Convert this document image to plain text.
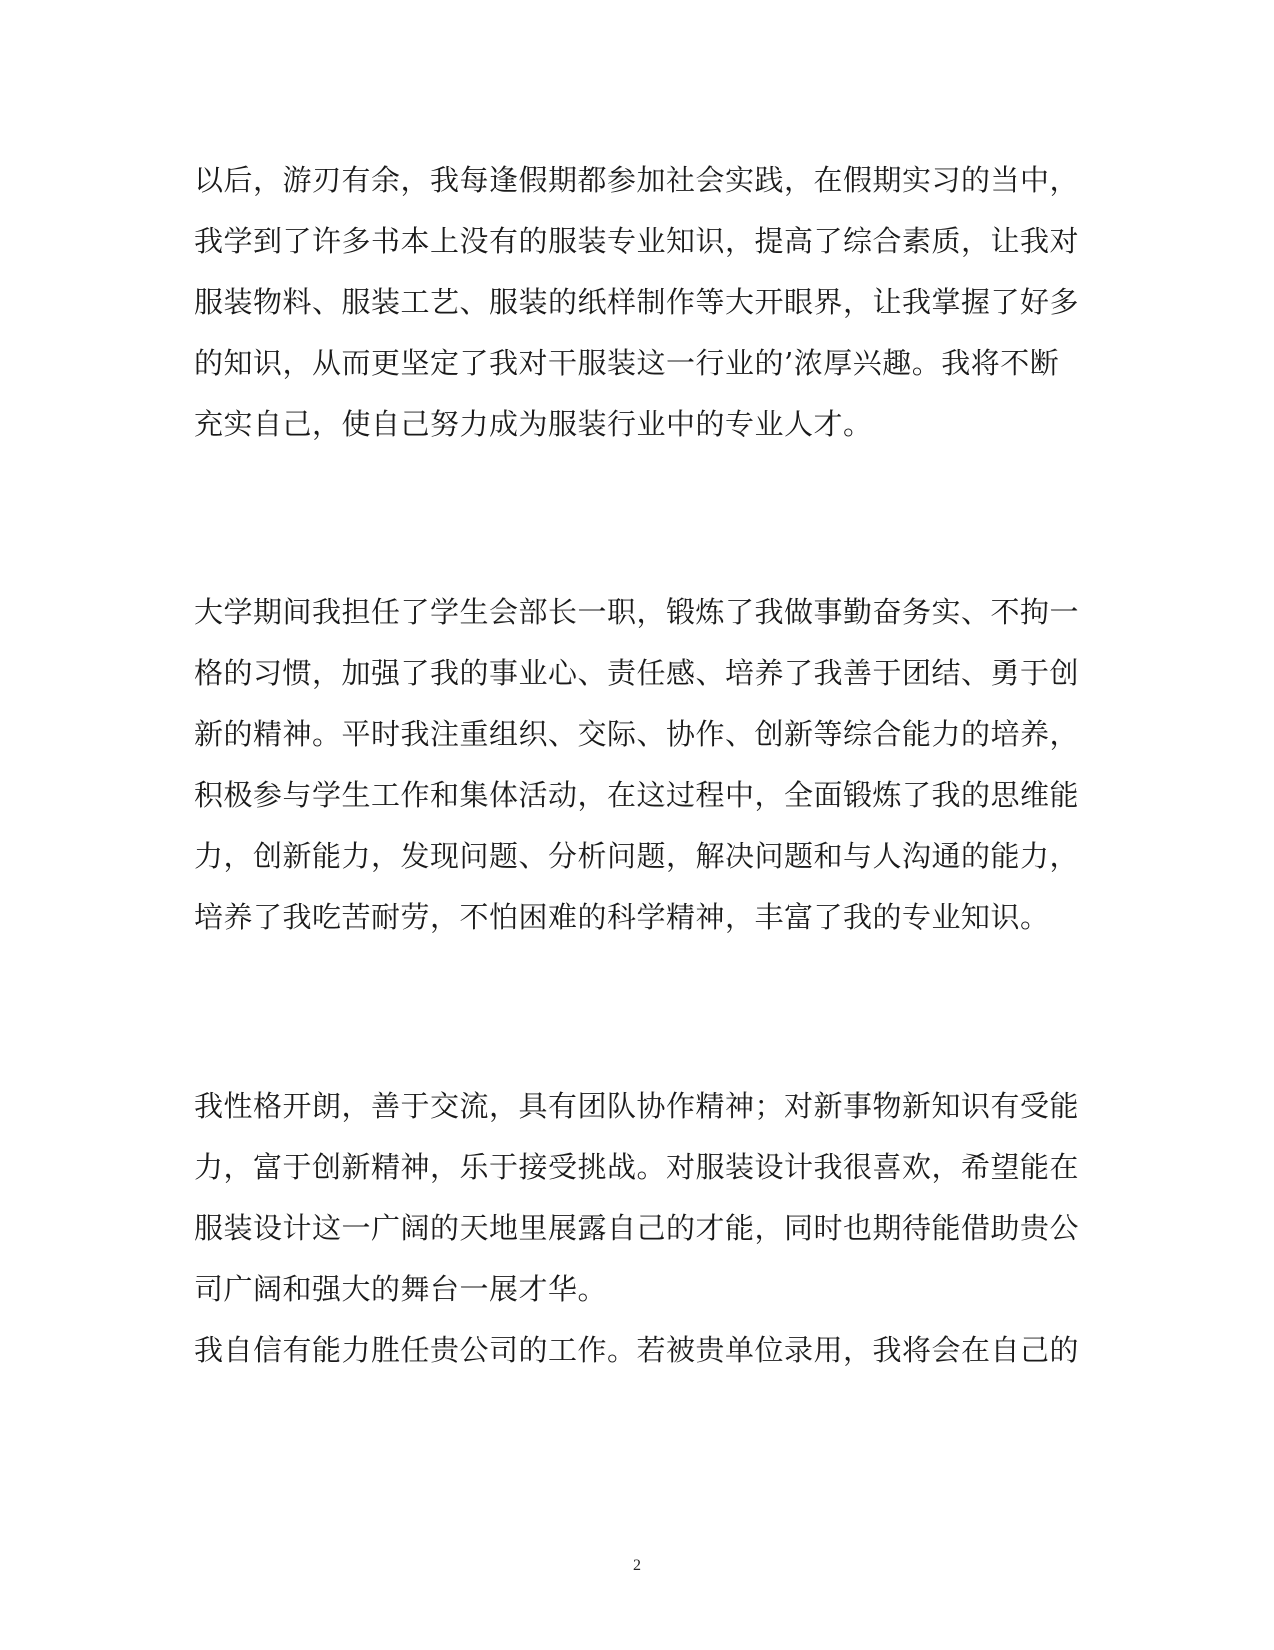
以后，游刃有余，我每逢假期都参加社会实践，在假期实习的当中，

我学到了许多书本上没有的服装专业知识，提高了综合素质，让我对

服装物料、服装工艺、服装的纸样制作等大开眼界，让我掌握了好多

的知识，从而更坚定了我对干服装这一行业的’浓厚兴趣。我将不断

充实自己，使自己努力成为服装行业中的专业人才。

大学期间我担任了学生会部长一职，锻炼了我做事勤奋务实、不拘一

格的习惯，加强了我的事业心、责任感、培养了我善于团结、勇于创

新的精神。平时我注重组织、交际、协作、创新等综合能力的培养，

积极参与学生工作和集体活动，在这过程中，全面锻炼了我的思维能

力，创新能力，发现问题、分析问题，解决问题和与人沟通的能力，

培养了我吃苦耐劳，不怕困难的科学精神，丰富了我的专业知识。

我性格开朗，善于交流，具有团队协作精神；对新事物新知识有受能

力，富于创新精神，乐于接受挑战。对服装设计我很喜欢，希望能在

服装设计这一广阔的天地里展露自己的才能，同时也期待能借助贵公

司广阔和强大的舞台一展才华。

我自信有能力胜任贵公司的工作。若被贵单位录用，我将会在自己的

2
